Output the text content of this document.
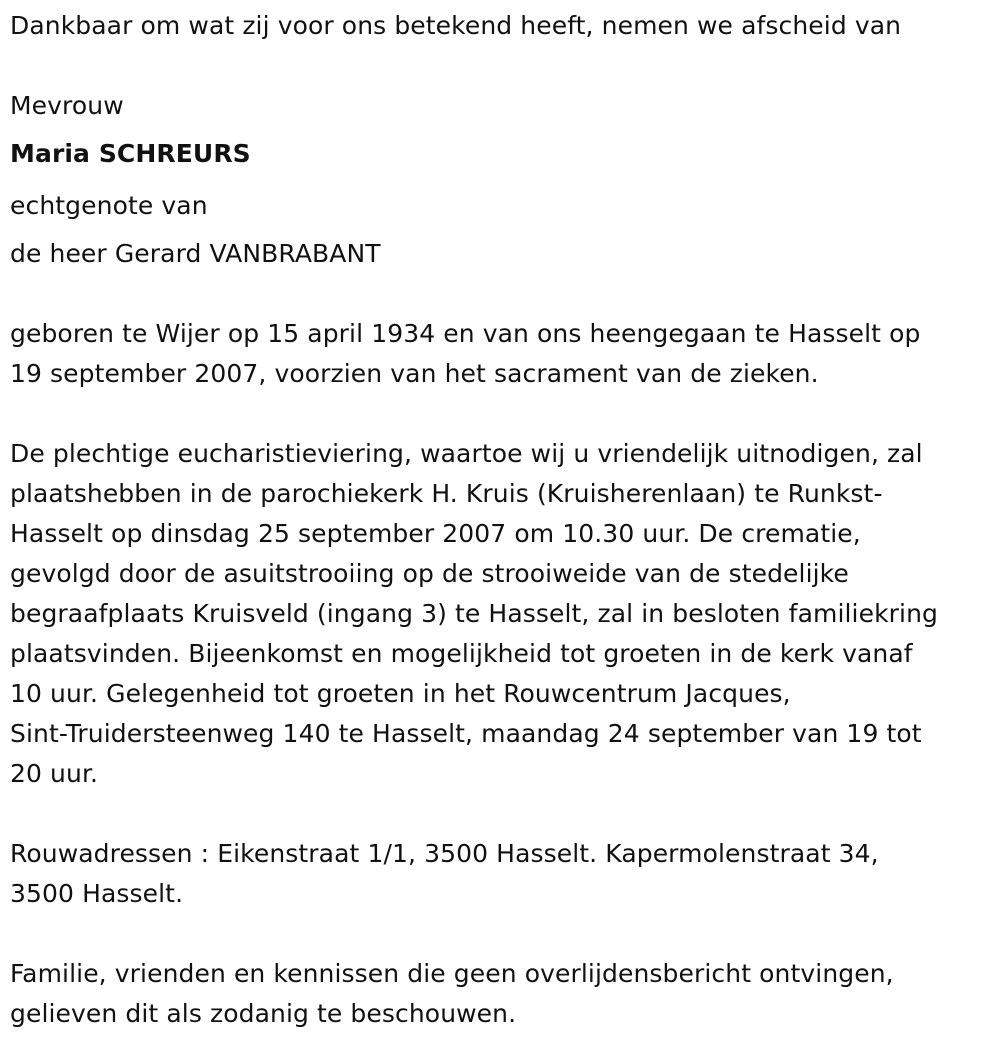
Dankbaar om wat zij voor ons betekend heeft, nemen we afscheid van

Mevrouw

Maria SCHREURS

echtgenote van

de heer Gerard VANBRABANT

geboren te Wijer op 15 april 1934 en van ons heengegaan te Hasselt op

19 september 2007, voorzien van het sacrament van de zieken.

De plechtige eucharistieviering, waartoe wij u vriendelijk uitnodigen, zal

plaatshebben in de parochiekerk H. Kruis (Kruisherenlaan) te Runkst-

Hasselt op dinsdag 25 september 2007 om 10.30 uur. De crematie,

gevolgd door de asuitstrooiing op de strooiweide van de stedelijke

begraafplaats Kruisveld (ingang 3) te Hasselt, zal in besloten familiekring

plaatsvinden. Bijeenkomst en mogelijkheid tot groeten in de kerk vanaf

10 uur. Gelegenheid tot groeten in het Rouwcentrum Jacques,

Sint-Truidersteenweg 140 te Hasselt, maandag 24 september van 19 tot

20 uur.

Rouwadressen : Eikenstraat 1/1, 3500 Hasselt. Kapermolenstraat 34,

3500 Hasselt.

Familie, vrienden en kennissen die geen overlijdensbericht ontvingen,

gelieven dit als zodanig te beschouwen.
